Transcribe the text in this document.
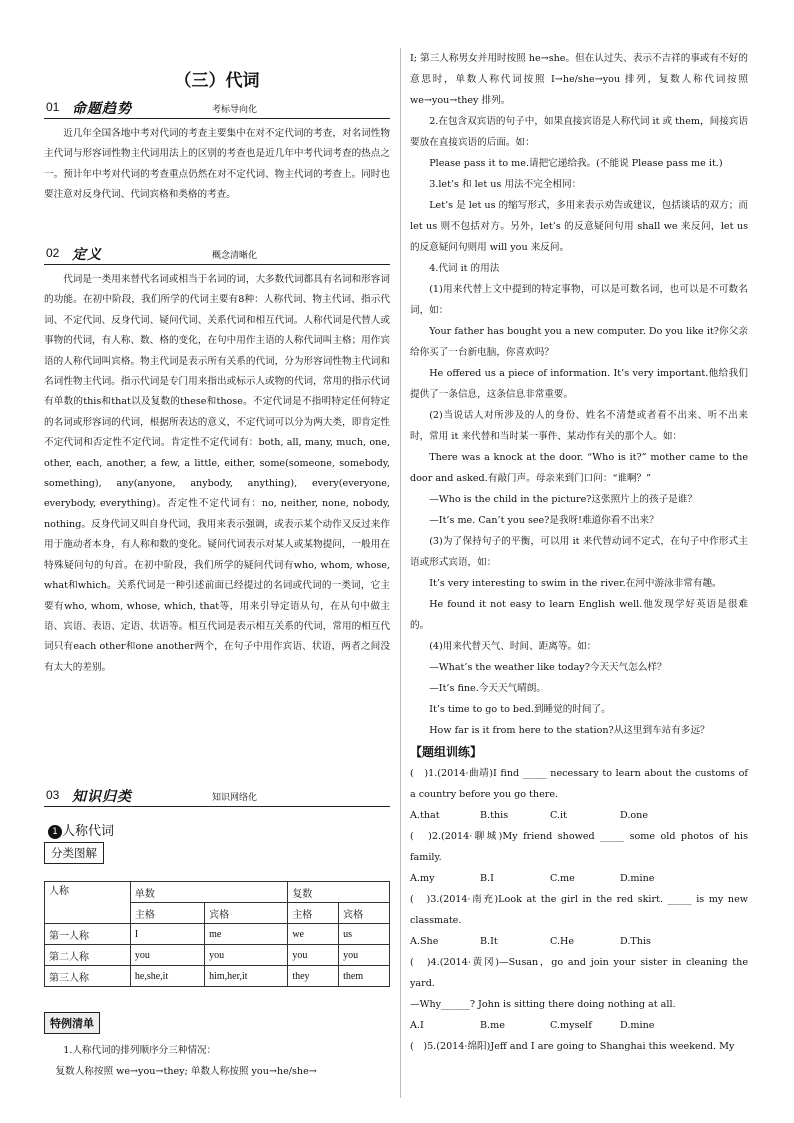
（三）代词
01 命题趋势	考标导向化

近几年全国各地中考对代词的考查主要集中在对不定代词的考查，对名词性物主代词与形容词性物主代词用法上的区别的考查也是近几年中考代词考查的热点之一。预计年中考对代词的考查重点仍然在对不定代词、物主代词的考查上。同时也要注意对反身代词、代词宾格和类格的考查。

02 定义	概念清晰化

代词是一类用来替代名词或相当于名词的词，大多数代词都具有名词和形容词的功能。在初中阶段，我们所学的代词主要有8种：人称代词、物主代词、指示代词、不定代词、反身代词、疑问代词、关系代词和相互代词。人称代词是代替人或事物的代词，有人称、数、格的变化，在句中用作主语的人称代词叫主格；用作宾语的人称代词叫宾格。物主代词是表示所有关系的代词，分为形容词性物主代词和名词性物主代词。指示代词是专门用来指出或标示人或物的代词，常用的指示代词有单数的this和that以及复数的these和those。不定代词是不指明特定任何特定的名词或形容词的代词，根据所表达的意义，不定代词可以分为两大类，即肯定性不定代词和否定性不定代词。肯定性不定代词有：both, all, many, much, one, other, each, another, a few, a little, either, some(someone, somebody, something), any(anyone, anybody, anything), every(everyone, everybody, everything)。否定性不定代词有：no, neither, none, nobody, nothing。反身代词又叫自身代词，我用来表示强调，或表示某个动作又反过来作用于施动者本身，有人称和数的变化。疑问代词表示对某人或某物提问，一般用在特殊疑问句的句首。在初中阶段，我们所学的疑问代词有who, whom, whose, what和which。关系代词是一种引述前面已经提过的名词或代词的一类词，它主要有who, whom, whose, which, that等，用来引导定语从句，在从句中做主语、宾语、表语、定语、状语等。相互代词是表示相互关系的代词，常用的相互代词只有each other和one another两个，在句子中用作宾语、状语，两者之间没有太大的差别。

03 知识归类	知识网络化
1 人称代词
分类图解
人称	单数		复数	
	主格	宾格	主格	宾格
第一人称	I	me	we	us
第二人称	you	you	you	you
第三人称	he,she,it	him,her,it	they	them
特例清单

1.人称代词的排列顺序分三种情况：

复数人称按照 we→you→they; 单数人称按照 you→he/she→

I; 第三人称男女并用时按照 he→she。但在认过失、表示不吉祥的事或有不好的意思时，单数人称代词按照 I→he/she→you 排列，复数人称代词按照 we→you→they 排列。

2.在包含双宾语的句子中，如果直接宾语是人称代词 it 或 them，间接宾语要放在直接宾语的后面。如：

Please pass it to me.请把它递给我。(不能说 Please pass me it.)

3.let’s 和 let us 用法不完全相同：

Let’s 是 let us 的缩写形式，多用来表示劝告或建议，包括谈话的双方；而 let us 则不包括对方。另外，let’s 的反意疑问句用 shall we 来反问，let us 的反意疑问句则用 will you 来反问。

4.代词 it 的用法

(1)用来代替上文中提到的特定事物，可以是可数名词，也可以是不可数名词，如：

Your father has bought you a new computer. Do you like it?你父亲给你买了一台新电脑，你喜欢吗？

He offered us a piece of information. It’s very important.他给我们提供了一条信息，这条信息非常重要。

(2)当说话人对所涉及的人的身份、姓名不清楚或者看不出来、听不出来时，常用 it 来代替和当时某一事件、某动作有关的那个人。如：

There was a knock at the door. “Who is it?” mother came to the door and asked.有敲门声。母亲来到门口问：“谁啊？”

—Who is the child in the picture?这张照片上的孩子是谁？

—It’s me. Can’t you see?是我呀!难道你看不出来？

(3)为了保持句子的平衡，可以用 it 来代替动词不定式，在句子中作形式主语或形式宾语，如：

It’s very interesting to swim in the river.在河中游泳非常有趣。

He found it not easy to learn English well.他发现学好英语是很难的。

(4)用来代替天气、时间、距离等。如：

—What’s the weather like today?今天天气怎么样？

—It’s fine.今天天气晴朗。

It’s time to go to bed.到睡觉的时间了。

How far is it from here to the station?从这里到车站有多远？

【题组训练】

(　)1.(2014·曲靖)I find _____ necessary to learn about the customs of a country before you go there.

A.that	B.this	C.it	D.one

(　)2.(2014·聊城)My friend showed _____ some old photos of his family.

A.my	B.I	C.me	D.mine

(　)3.(2014·南充)Look at the girl in the red skirt. _____ is my new classmate.

A.She	B.It	C.He	D.This

(　)4.(2014·黄冈)—Susan，go and join your sister in cleaning the yard.

—Why______? John is sitting there doing nothing at all.

A.I	B.me	C.myself	D.mine

(　)5.(2014·绵阳)Jeff and I are going to Shanghai this weekend. My
